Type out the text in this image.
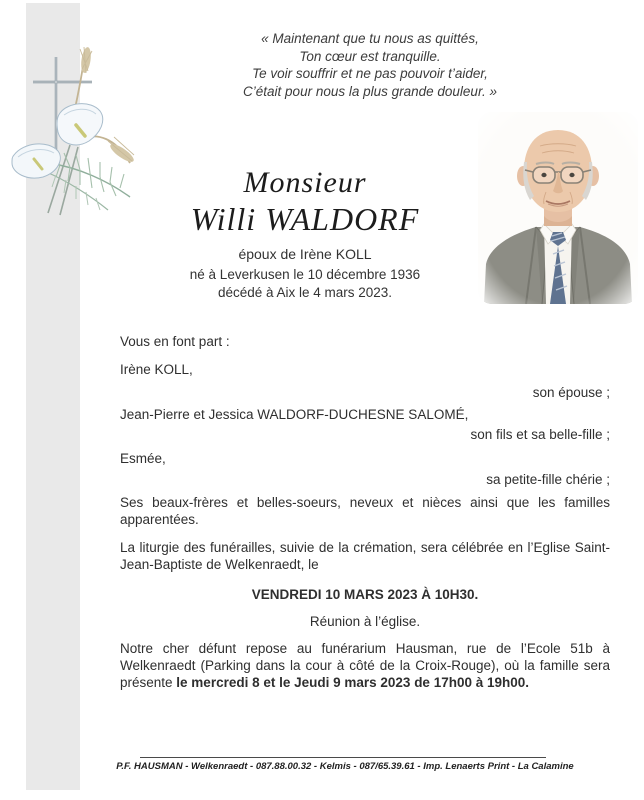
« Maintenant que tu nous as quittés,
Ton cœur est tranquille.
Te voir souffrir et ne pas pouvoir t’aider,
C’était pour nous la plus grande douleur. »
Monsieur
Willi WALDORF
époux de Irène KOLL
né à Leverkusen le 10 décembre 1936
décédé à Aix le 4 mars 2023.
Vous en font part :
Irène KOLL,
son épouse ;
Jean-Pierre et Jessica WALDORF-DUCHESNE SALOMÉ,
son fils et sa belle-fille ;
Esmée,
sa petite-fille chérie ;
Ses beaux-frères et belles-soeurs, neveux et nièces ainsi que les familles apparentées.
La liturgie des funérailles, suivie de la crémation, sera célébrée en l’Eglise Saint-Jean-Baptiste de Welkenraedt, le
VENDREDI 10 MARS 2023 À 10H30.
Réunion à l’église.
Notre cher défunt repose au funérarium Hausman, rue de l’Ecole 51b à Welkenraedt (Parking dans la cour à côté de la Croix-Rouge), où la famille sera présente le mercredi 8 et le Jeudi 9 mars 2023 de 17h00 à 19h00.
P.F. HAUSMAN - Welkenraedt - 087.88.00.32 - Kelmis - 087/65.39.61 - Imp. Lenaerts Print - La Calamine
